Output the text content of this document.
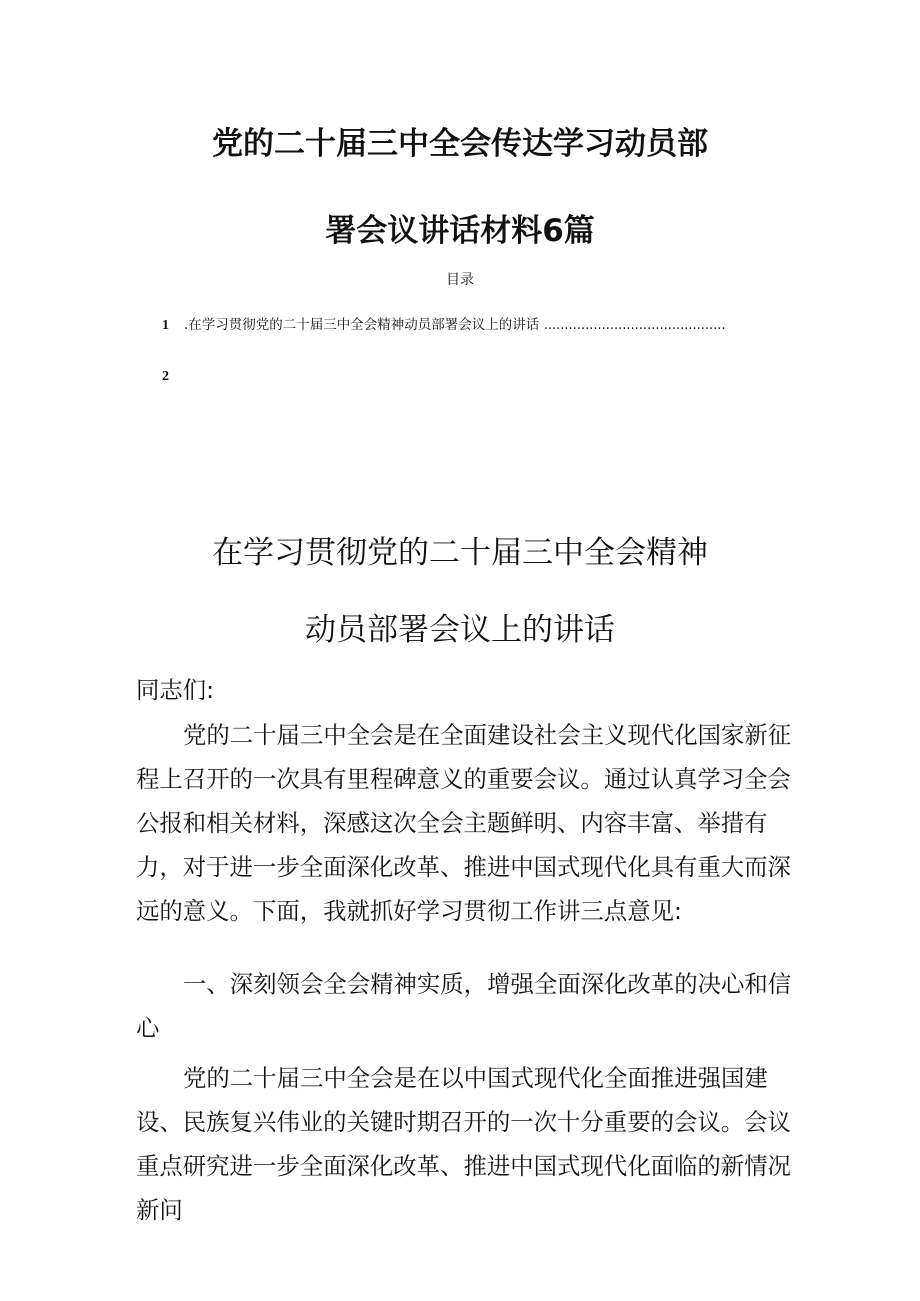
党的二十届三中全会传达学习动员部
署会议讲话材料6篇
目录
1 .在学习贯彻党的二十届三中全会精神动员部署会议上的讲话 ............................................
2
在学习贯彻党的二十届三中全会精神
动员部署会议上的讲话

同志们:

党的二十届三中全会是在全面建设社会主义现代化国家新征程上召开的一次具有里程碑意义的重要会议。通过认真学习全会公报和相关材料，深感这次全会主题鲜明、内容丰富、举措有力，对于进一步全面深化改革、推进中国式现代化具有重大而深远的意义。下面，我就抓好学习贯彻工作讲三点意见:

一、深刻领会全会精神实质，增强全面深化改革的决心和信心

党的二十届三中全会是在以中国式现代化全面推进强国建设、民族复兴伟业的关键时期召开的一次十分重要的会议。会议重点研究进一步全面深化改革、推进中国式现代化面临的新情况新问
